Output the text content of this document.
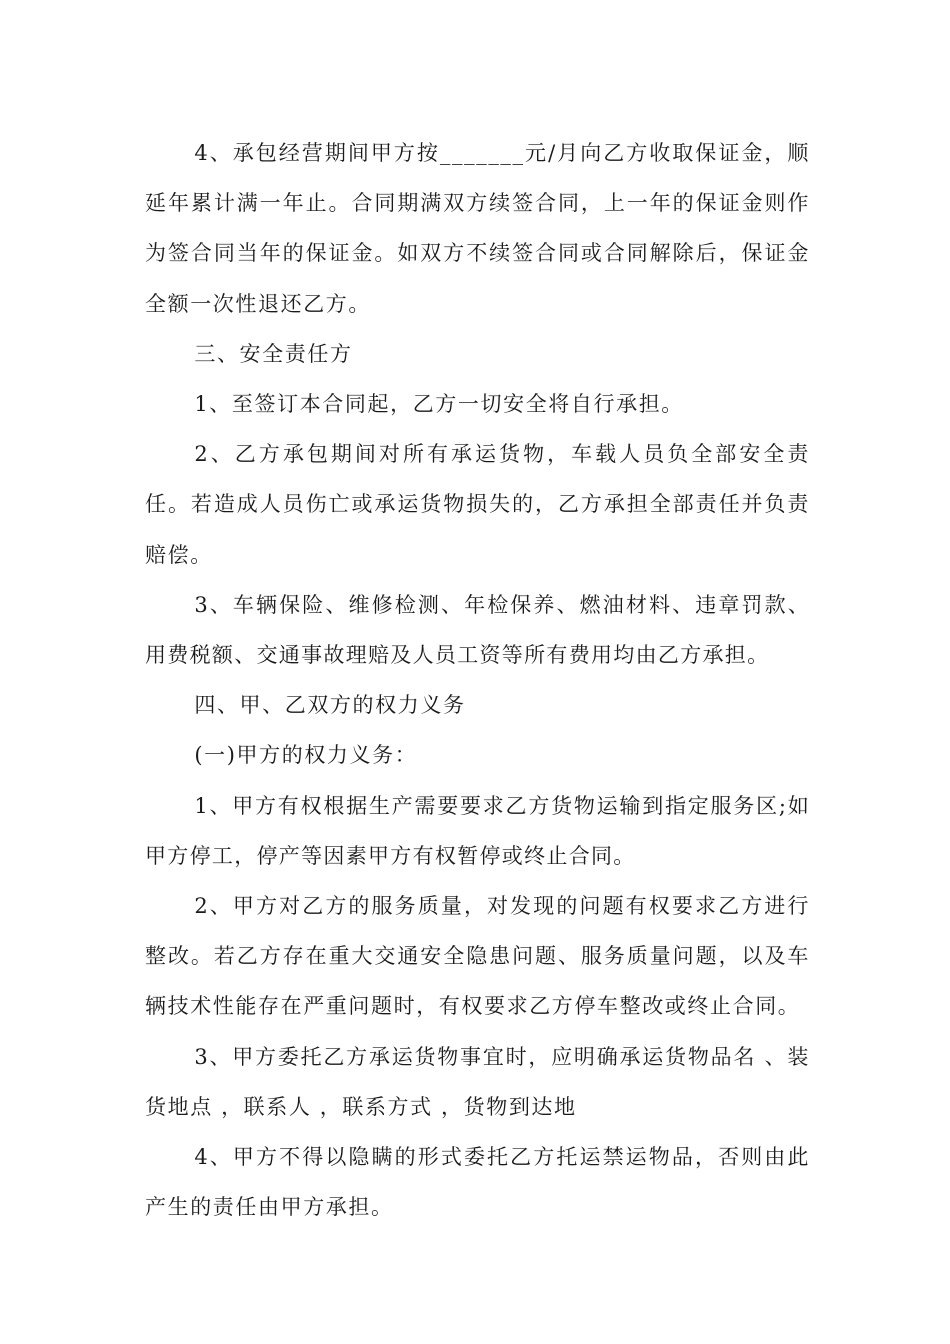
4、承包经营期间甲方按_______元/月向乙方收取保证金，顺延年累计满一年止。合同期满双方续签合同，上一年的保证金则作为签合同当年的保证金。如双方不续签合同或合同解除后，保证金全额一次性退还乙方。

三、安全责任方

1、至签订本合同起，乙方一切安全将自行承担。

2、乙方承包期间对所有承运货物，车载人员负全部安全责任。若造成人员伤亡或承运货物损失的，乙方承担全部责任并负责赔偿。

3、车辆保险、维修检测、年检保养、燃油材料、违章罚款、用费税额、交通事故理赔及人员工资等所有费用均由乙方承担。

四、甲、乙双方的权力义务

(一)甲方的权力义务：

1、甲方有权根据生产需要要求乙方货物运输到指定服务区;如甲方停工，停产等因素甲方有权暂停或终止合同。

2、甲方对乙方的服务质量，对发现的问题有权要求乙方进行整改。若乙方存在重大交通安全隐患问题、服务质量问题，以及车辆技术性能存在严重问题时，有权要求乙方停车整改或终止合同。

3、甲方委托乙方承运货物事宜时，应明确承运货物品名 、装货地点 ，联系人 ，联系方式 ，货物到达地

4、甲方不得以隐瞒的形式委托乙方托运禁运物品，否则由此产生的责任由甲方承担。
